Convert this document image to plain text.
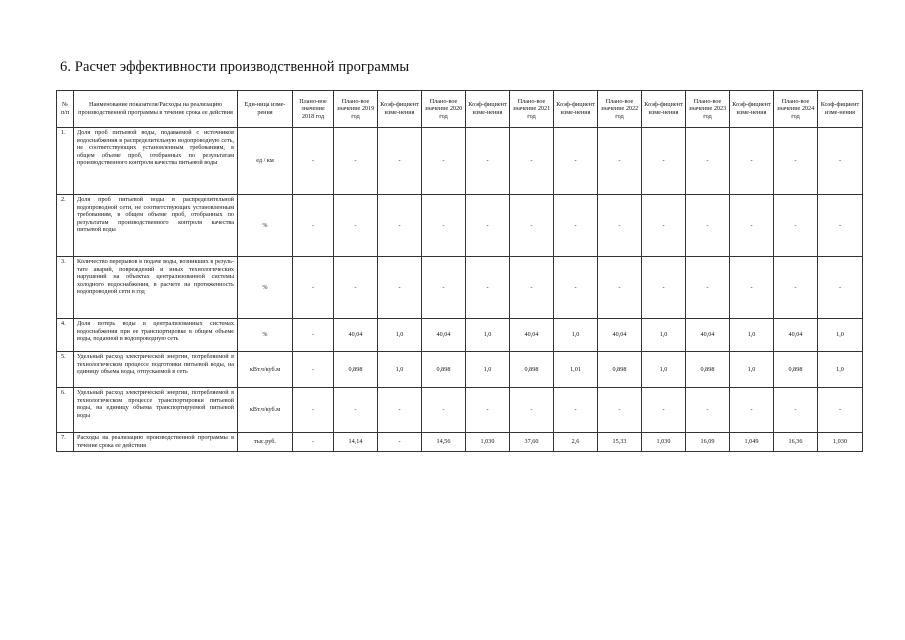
6. Расчет эффективности производственной программы
№ п/п	Наименование показателя/Расходы на реализацию производственной программы в течение срока ее действия	Еди-ница изме-рения	Плано-вое значение 2018 год	Плано-вое значение 2019 год	Коэф-фициент изме-нения	Плано-вое значение 2020 год	Коэф-фициент изме-нения	Плано-вое значение 2021 год	Коэф-фициент изме-нения	Плано-вое значение 2022 год	Коэф-фициент изме-нения	Плано-вое значение 2023 год	Коэф-фициент изме-нения	Плано-вое значение 2024 год	Коэф-фициент изме-нения
1.	Доля проб питьевой воды, подаваемой с источников водоснабжения в распределительную водопроводную сеть, не соответствующих установленным требованиям, в общем объеме проб, отобранных по результатам производственного контроля качества питьевой воды	ед / км	-	-	-	-	-	-	-	-	-	-	-	-	-
2.	Доля проб питьевой воды в распределительной водопроводной сети, не соответствующих установленным требованиям, в общем объеме проб, отобранных по результатам производственного контроля качества питьевой воды	%	-	-	-	-	-	-	-	-	-	-	-	-	-
3.	Количество перерывов в подаче воды, возникших в резуль-тате аварий, повреждений и иных технологических нарушений на объектах централизованной системы холодного водоснабжения, в расчете на протяженность водопроводной сети в год	%	-	-	-	-	-	-	-	-	-	-	-	-	-
4.	Доля потерь воды в централизованных системах водоснабжения при ее транспортировке в общем объеме воды, поданной в водопроводную сеть	%	-	40,04	1,0	40,04	1,0	40,04	1,0	40,04	1,0	40,04	1,0	40,04	1,0
5.	Удельный расход электрической энергии, потребляемой в технологическом процессе подготовки питьевой воды, на единицу объема воды, отпускаемой в сеть	кВт.ч/куб.м	-	0,898	1,0	0,898	1,0	0,898	1,01	0,898	1,0	0,898	1,0	0,898	1,0
6.	Удельный расход электрической энергии, потребляемой в технологическом процессе транспортировки питьевой воды, на единицу объема транспортируемой питьевой воды	кВт.ч/куб.м	-	-	-	-	-	-	-	-	-	-	-	-	-
7.	Расходы на реализацию производственной программы в течение срока ее действия	тыс.руб.	-	14,14	-	14,56	1,030	37,60	2,6	15,33	1,030	16,09	1,049	16,36	1,030
